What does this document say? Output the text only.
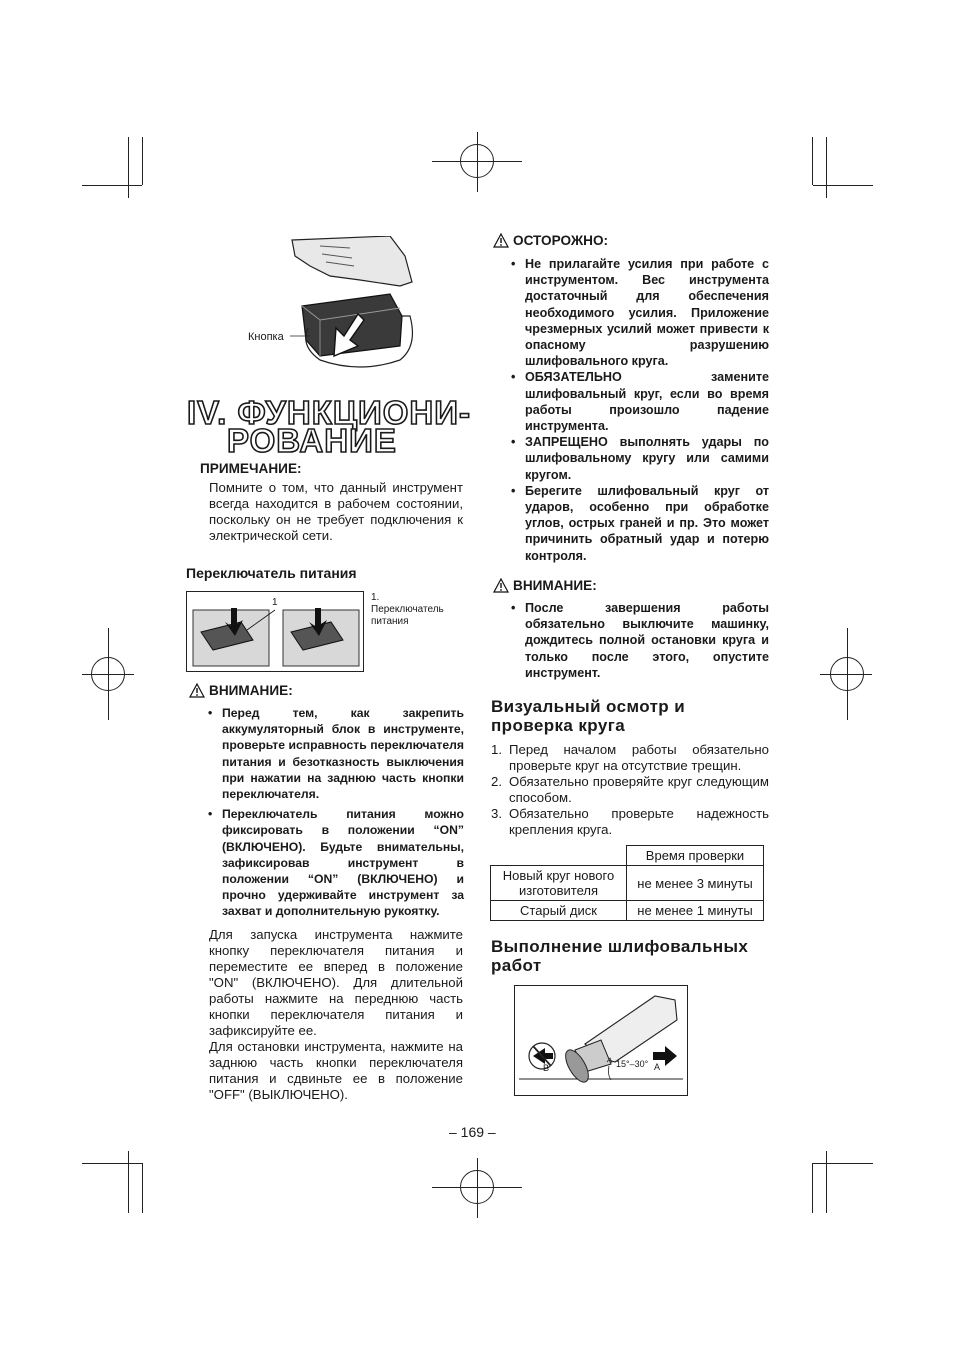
Кнопка
IV. ФУНКЦИОНИ-
РОВАНИЕ
ПРИМЕЧАНИЕ:
Помните о том, что данный инструмент всегда находится в рабочем состоянии, поскольку он не требует подключения к электрической сети.
Переключатель питания
1	1. Переключатель питания
ВНИМАНИЕ:
• Перед тем, как закрепить аккумуляторный блок в инструменте, проверьте исправность переключателя питания и безотказность выключения при нажатии на заднюю часть кнопки переключателя.
• Переключатель питания можно фиксировать в положении “ON” (ВКЛЮЧЕНО). Будьте внимательны, зафиксировав инструмент в положении “ON” (ВКЛЮЧЕНО) и прочно удерживайте инструмент за захват и дополнительную рукоятку.
Для запуска инструмента нажмите кнопку переключателя питания и переместите ее вперед в положение "ON" (ВКЛЮЧЕНО). Для длительной работы нажмите на переднюю часть кнопки переключателя питания и зафиксируйте ее.
Для остановки инструмента, нажмите на заднюю часть кнопки переключателя питания и сдвиньте ее в положение "OFF" (ВЫКЛЮЧЕНО).
ОСТОРОЖНО:
• Не прилагайте усилия при работе с инструментом. Вес инструмента достаточный для обеспечения необходимого усилия. Приложение чрезмерных усилий может привести к опасному разрушению шлифовального круга.
• ОБЯЗАТЕЛЬНО замените шлифовальный круг, если во время работы произошло падение инструмента.
• ЗАПРЕЩЕНО выполнять удары по шлифовальному кругу или самими кругом.
• Берегите шлифовальный круг от ударов, особенно при обработке углов, острых граней и пр. Это может причинить обратный удар и потерю контроля.
ВНИМАНИЕ:
• После завершения работы обязательно выключите машинку, дождитесь полной остановки круга и только после этого, опустите инструмент.
Визуальный осмотр и проверка круга
1. Перед началом работы обязательно проверьте круг на отсутствие трещин.
2. Обязательно проверяйте круг следующим способом.
3. Обязательно проверьте надежность крепления круга.
	Время проверки
Новый круг нового изготовителя	не менее 3 минуты
Старый диск	не менее 1 минуты
Выполнение шлифовальных работ
15°–30° A
B
– 169 –
